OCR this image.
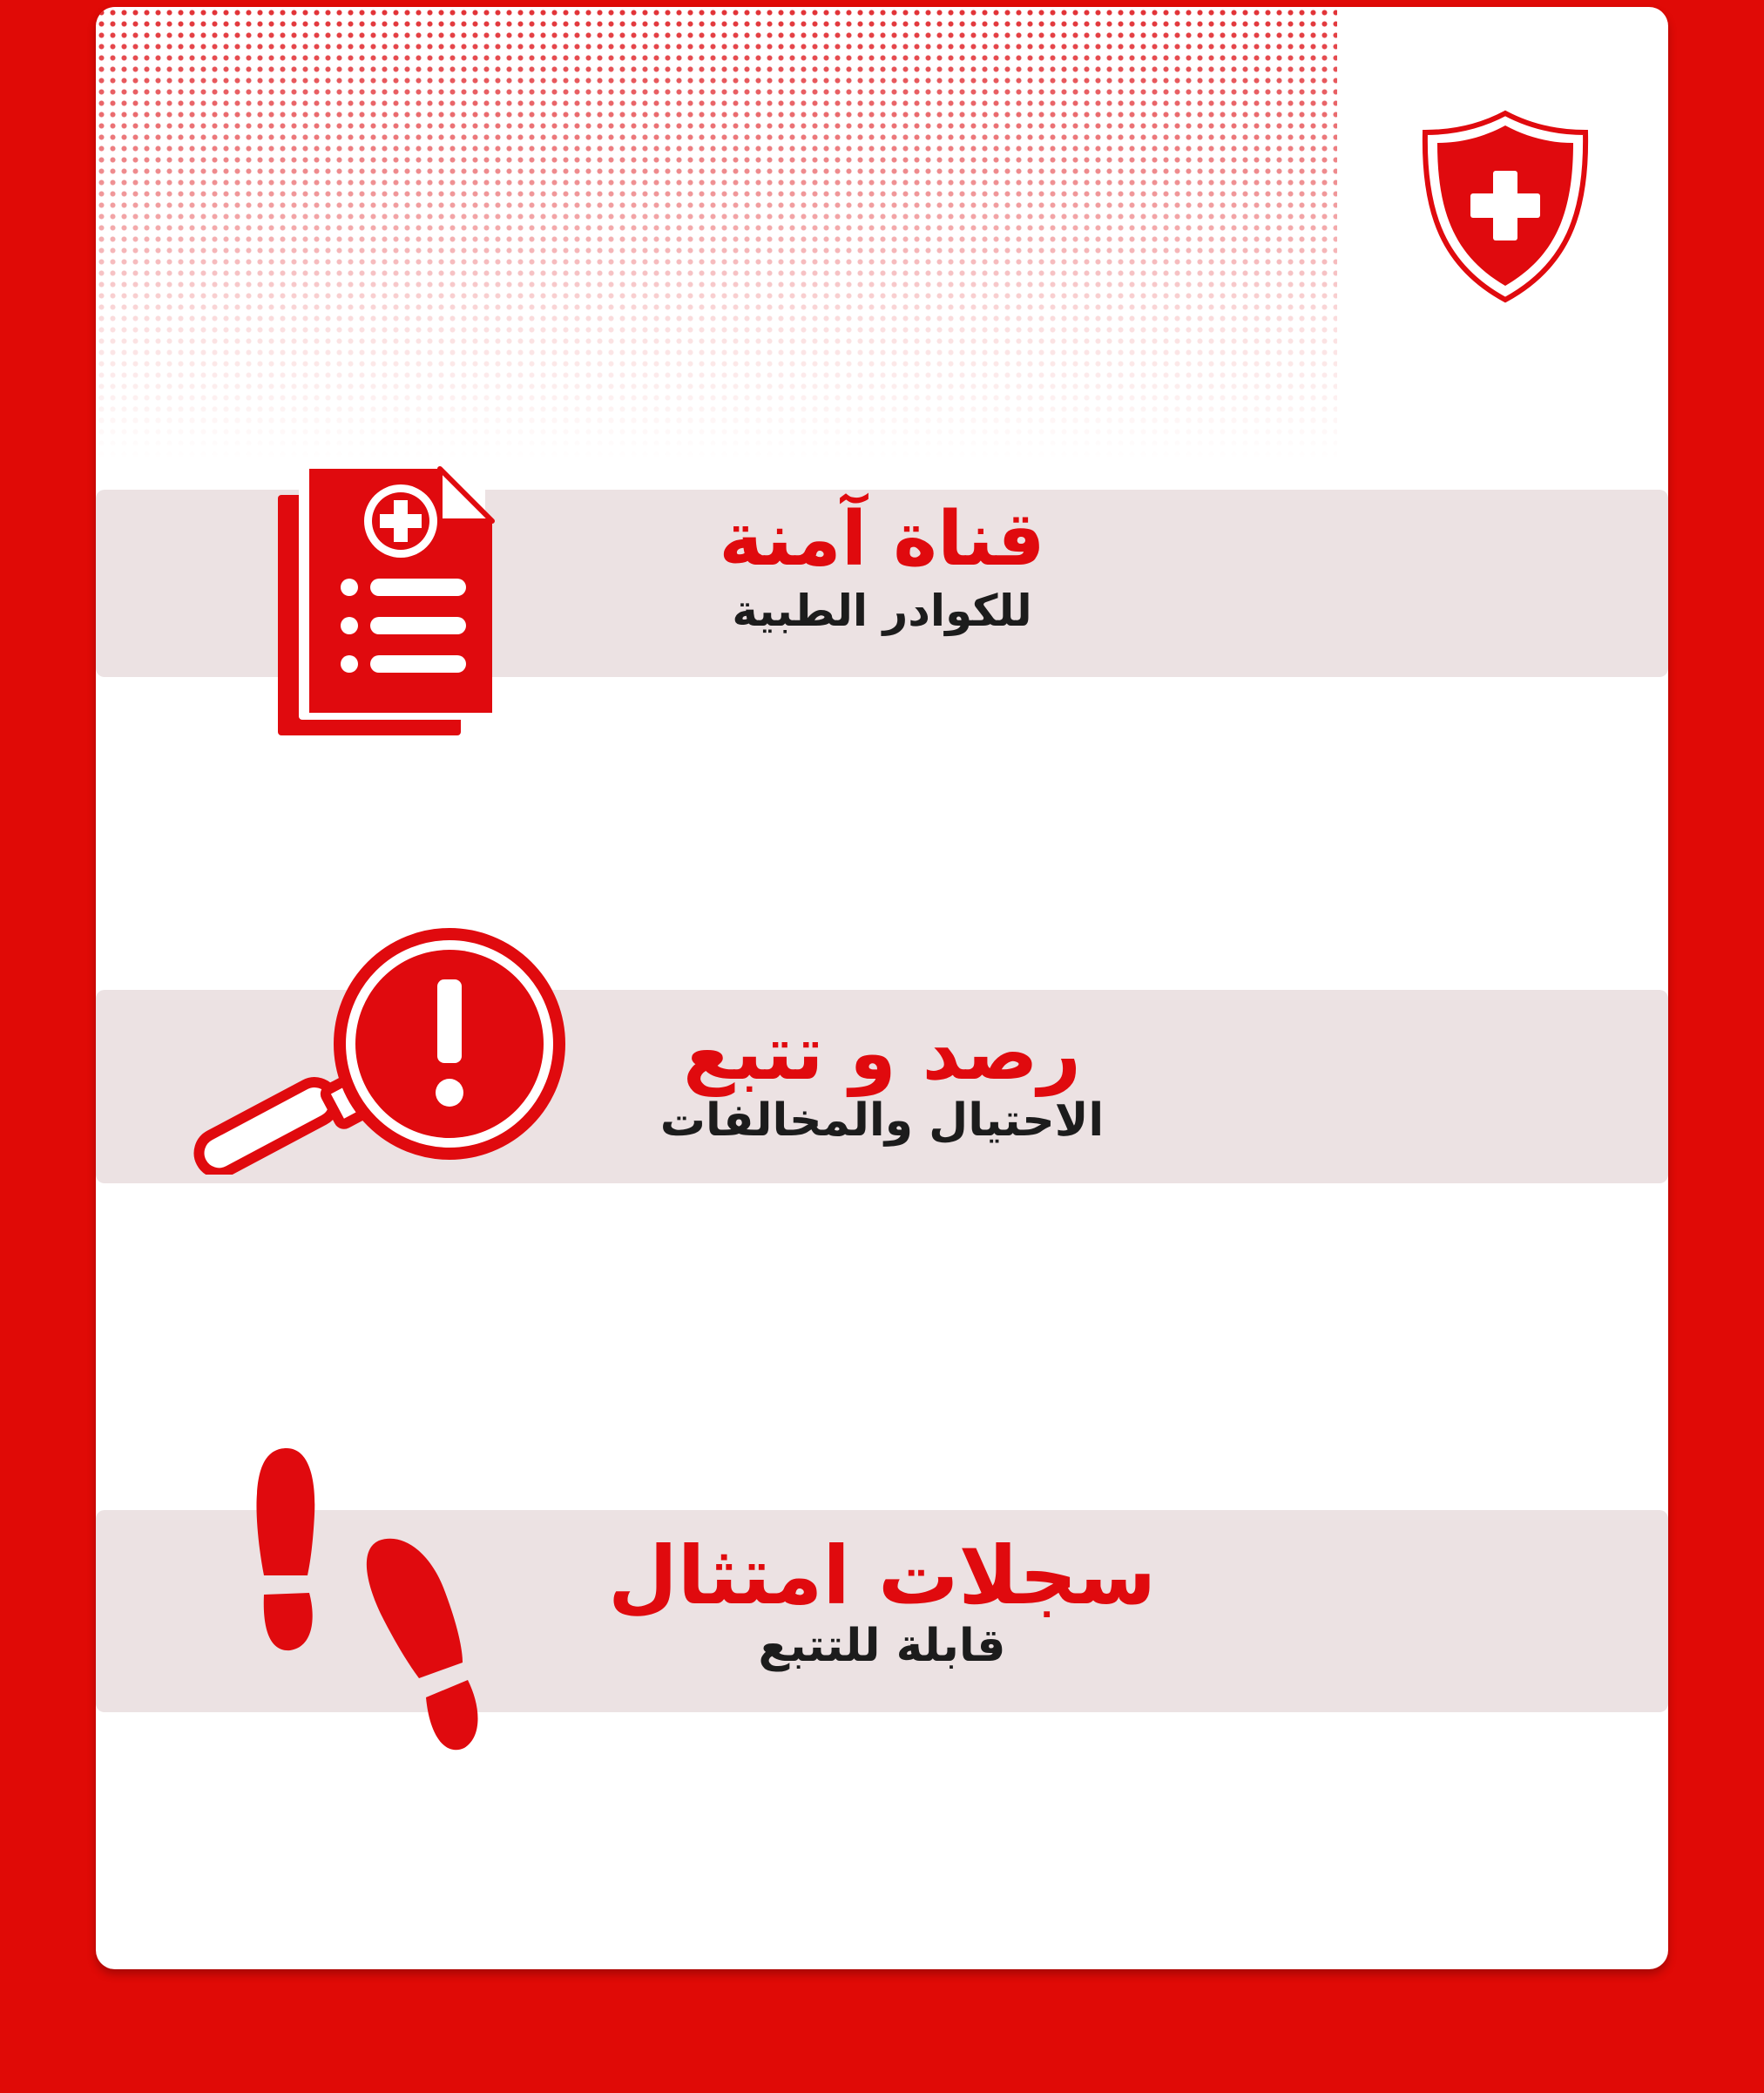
قناة آمنة
للكوادر الطبية
رصد و تتبع
الاحتيال والمخالفات
سجلات امتثال
قابلة للتتبع
